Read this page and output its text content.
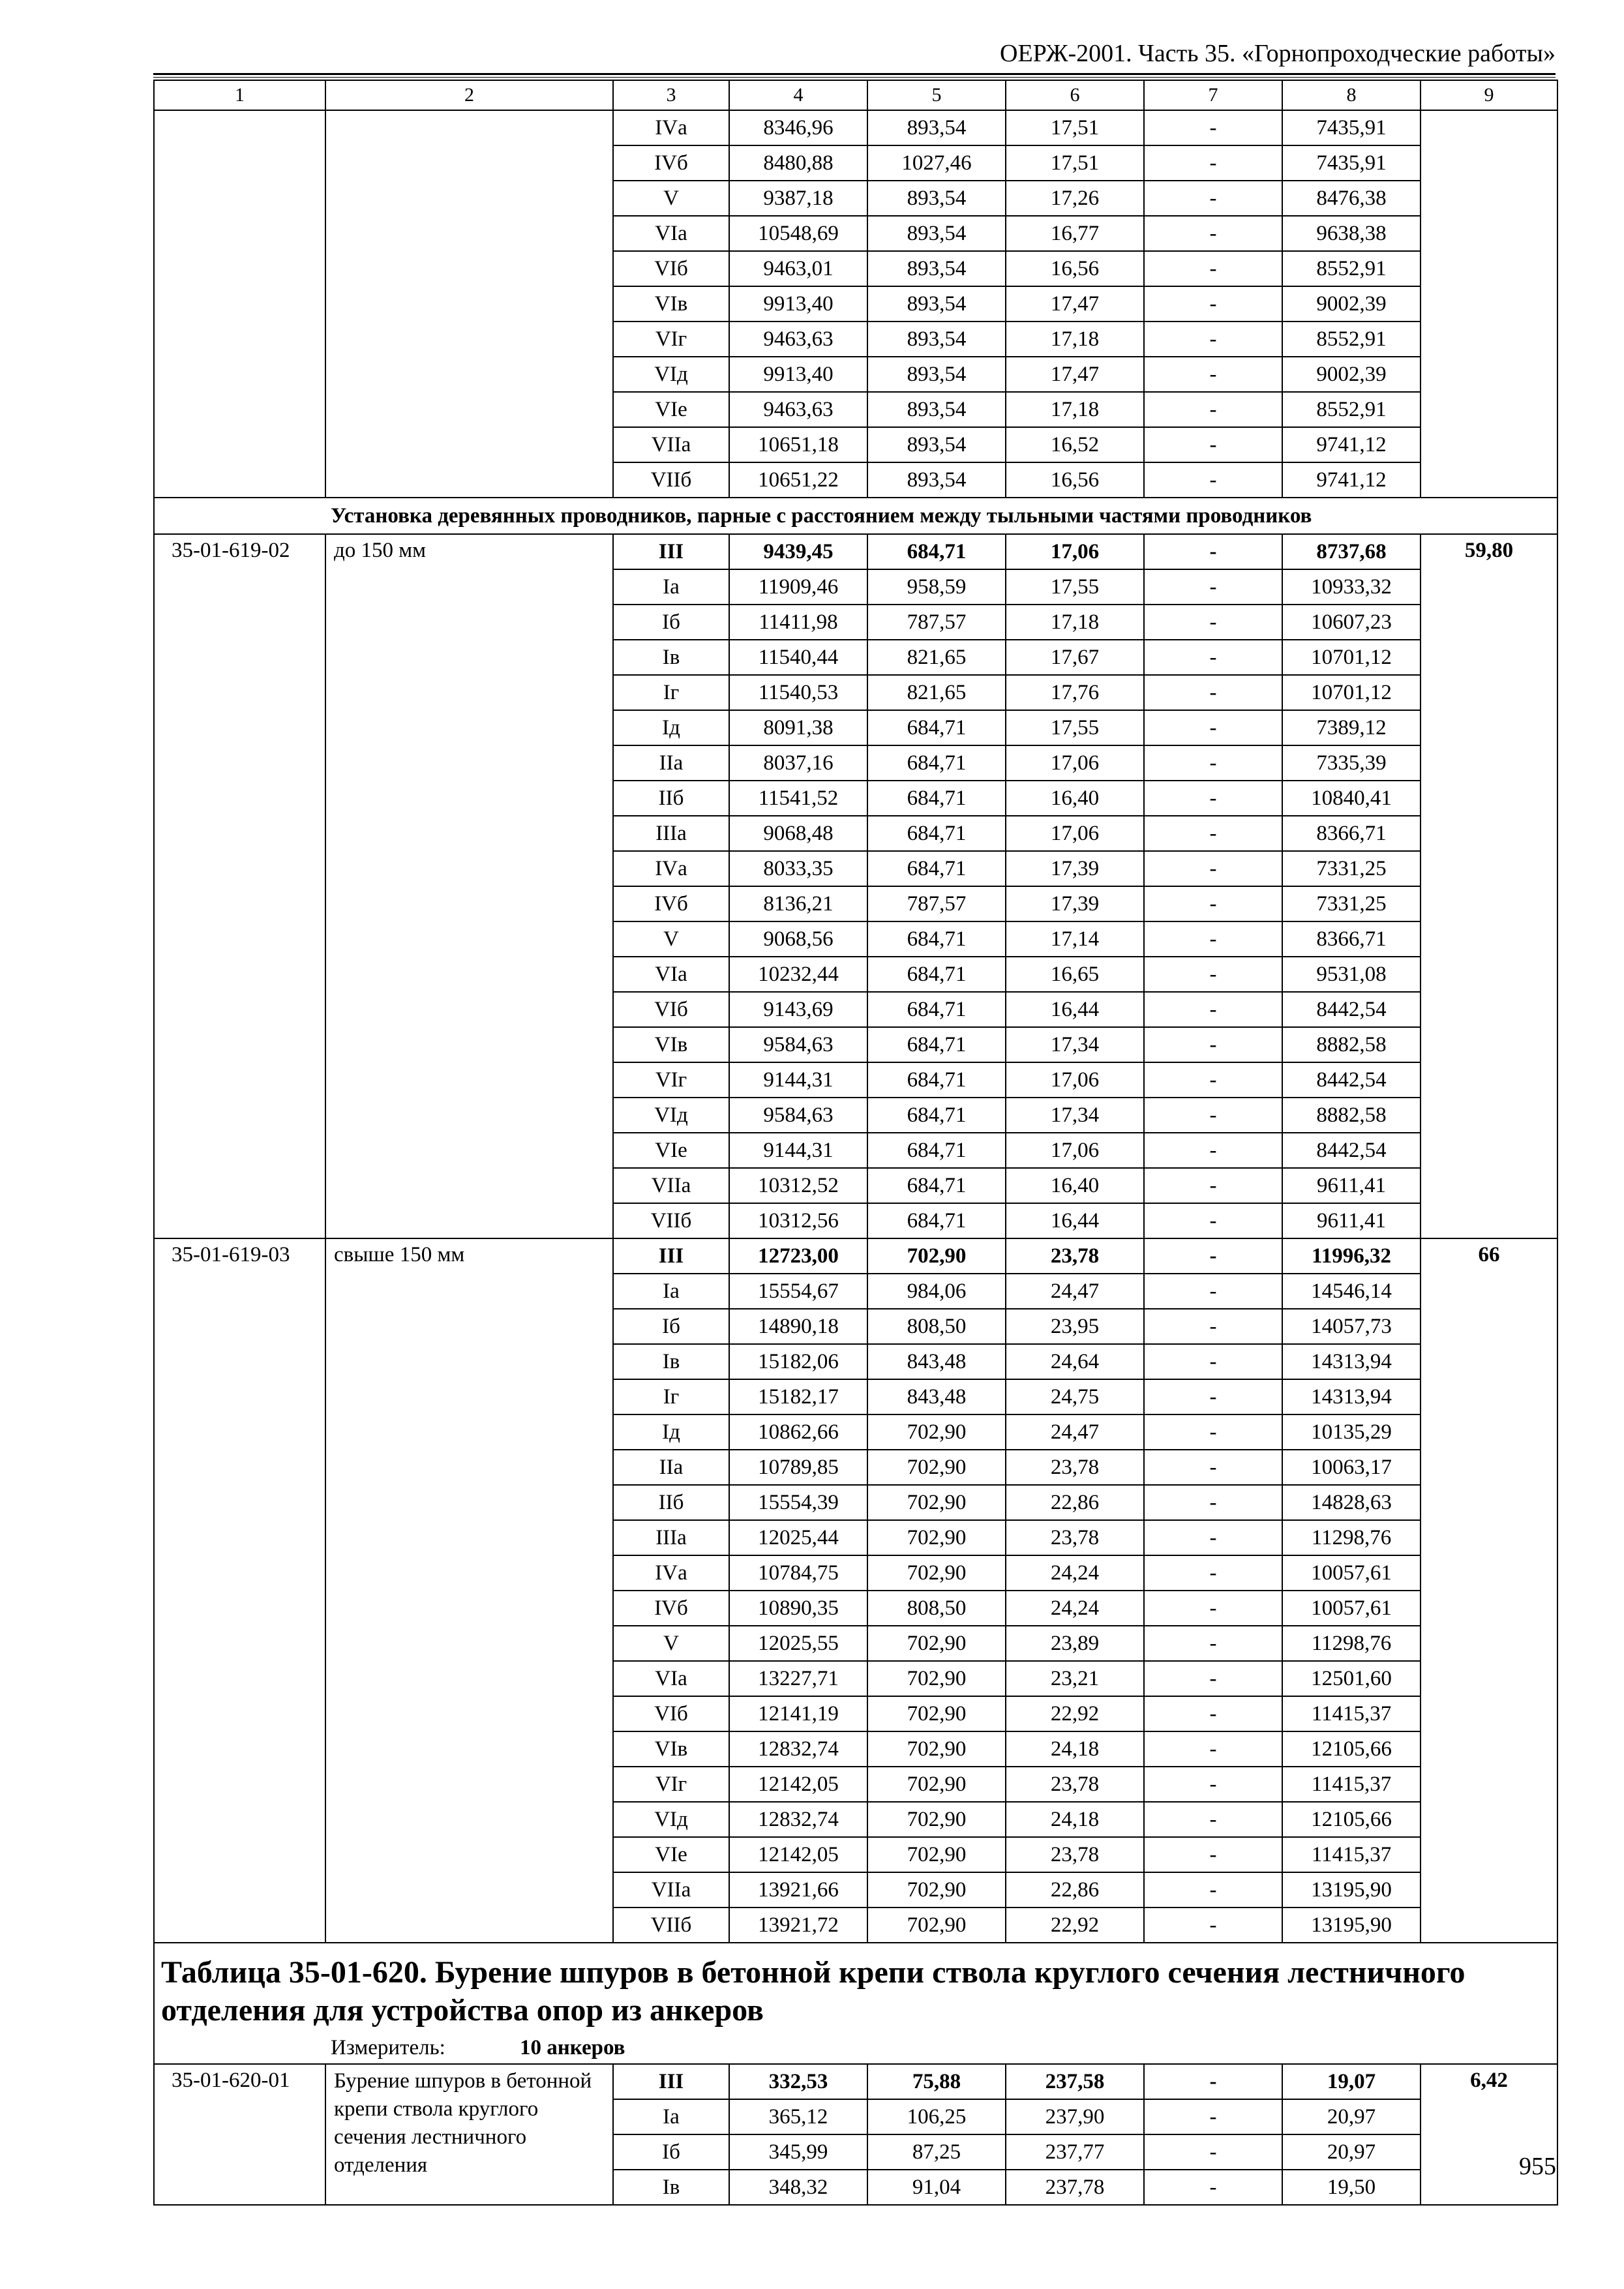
ОЕРЖ-2001. Часть 35. «Горнопроходческие работы»
1	2	3	4	5	6	7	8	9
		IVа	8346,96	893,54	17,51	-	7435,91	
		IVб	8480,88	1027,46	17,51	-	7435,91	
		V	9387,18	893,54	17,26	-	8476,38	
		VIа	10548,69	893,54	16,77	-	9638,38	
		VIб	9463,01	893,54	16,56	-	8552,91	
		VIв	9913,40	893,54	17,47	-	9002,39	
		VIг	9463,63	893,54	17,18	-	8552,91	
		VIд	9913,40	893,54	17,47	-	9002,39	
		VIе	9463,63	893,54	17,18	-	8552,91	
		VIIа	10651,18	893,54	16,52	-	9741,12	
		VIIб	10651,22	893,54	16,56	-	9741,12	
Установка деревянных проводников, парные с расстоянием между тыльными частями проводников								
35-01-619-02	до 150 мм	III	9439,45	684,71	17,06	-	8737,68	59,80
		Iа	11909,46	958,59	17,55	-	10933,32	
		Iб	11411,98	787,57	17,18	-	10607,23	
		Iв	11540,44	821,65	17,67	-	10701,12	
		Iг	11540,53	821,65	17,76	-	10701,12	
		Iд	8091,38	684,71	17,55	-	7389,12	
		IIа	8037,16	684,71	17,06	-	7335,39	
		IIб	11541,52	684,71	16,40	-	10840,41	
		IIIа	9068,48	684,71	17,06	-	8366,71	
		IVа	8033,35	684,71	17,39	-	7331,25	
		IVб	8136,21	787,57	17,39	-	7331,25	
		V	9068,56	684,71	17,14	-	8366,71	
		VIа	10232,44	684,71	16,65	-	9531,08	
		VIб	9143,69	684,71	16,44	-	8442,54	
		VIв	9584,63	684,71	17,34	-	8882,58	
		VIг	9144,31	684,71	17,06	-	8442,54	
		VIд	9584,63	684,71	17,34	-	8882,58	
		VIе	9144,31	684,71	17,06	-	8442,54	
		VIIа	10312,52	684,71	16,40	-	9611,41	
		VIIб	10312,56	684,71	16,44	-	9611,41	
35-01-619-03	свыше 150 мм	III	12723,00	702,90	23,78	-	11996,32	66
		Iа	15554,67	984,06	24,47	-	14546,14	
		Iб	14890,18	808,50	23,95	-	14057,73	
		Iв	15182,06	843,48	24,64	-	14313,94	
		Iг	15182,17	843,48	24,75	-	14313,94	
		Iд	10862,66	702,90	24,47	-	10135,29	
		IIа	10789,85	702,90	23,78	-	10063,17	
		IIб	15554,39	702,90	22,86	-	14828,63	
		IIIа	12025,44	702,90	23,78	-	11298,76	
		IVа	10784,75	702,90	24,24	-	10057,61	
		IVб	10890,35	808,50	24,24	-	10057,61	
		V	12025,55	702,90	23,89	-	11298,76	
		VIа	13227,71	702,90	23,21	-	12501,60	
		VIб	12141,19	702,90	22,92	-	11415,37	
		VIв	12832,74	702,90	24,18	-	12105,66	
		VIг	12142,05	702,90	23,78	-	11415,37	
		VIд	12832,74	702,90	24,18	-	12105,66	
		VIе	12142,05	702,90	23,78	-	11415,37	
		VIIа	13921,66	702,90	22,86	-	13195,90	
		VIIб	13921,72	702,90	22,92	-	13195,90	
Таблица 35-01-620. Бурение шпуров в бетонной крепи ствола круглого сечения лестничного отделения для устройства опор из анкеров								
Измеритель: 10 анкеров								
35-01-620-01	Бурение шпуров в бетонной крепи ствола круглого сечения лестничного отделения	III	332,53	75,88	237,58	-	19,07	6,42
		Iа	365,12	106,25	237,90	-	20,97	
		Iб	345,99	87,25	237,77	-	20,97	
		Iв	348,32	91,04	237,78	-	19,50	
955
